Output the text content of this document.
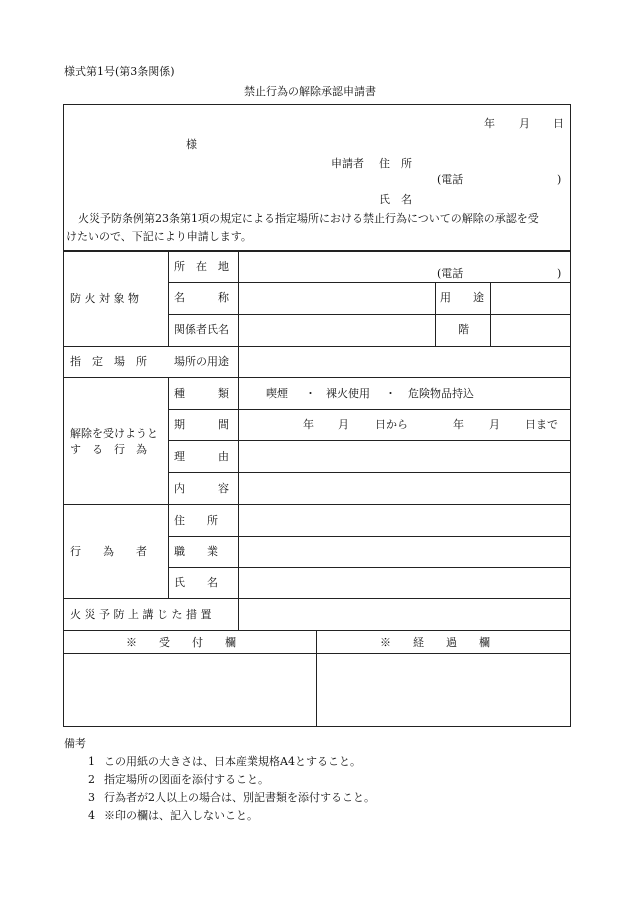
様式第1号(第3条関係)
禁止行為の解除承認申請書
年 月 日
様
申請者 住　所
(電話	)
氏　名
火災予防条例第23条第1項の規定による指定場所における禁止行為についての解除の承認を受
けたいので、下記により申請します。
防 火 対 象 物
所　在　地
(電話	)
名　　　称	用　　途
関係者氏名	階
指　定　場　所 場所の用途
解除を受けようと
す　る　行　為
種　　　類	喫煙 ・ 裸火使用 ・ 危険物品持込
期　　　間	年 月 日から	年 月 日まで
理　　　由
内　　　容
行　　為　　者
住　　所
職　　業
氏　　名
火 災 予 防 上 講 じ た 措 置
※　　受　　付　　欄	※　　経　　過　　欄
備考
1 この用紙の大きさは、日本産業規格A4とすること。
2 指定場所の図面を添付すること。
3 行為者が2人以上の場合は、別記書類を添付すること。
4 ※印の欄は、記入しないこと。
